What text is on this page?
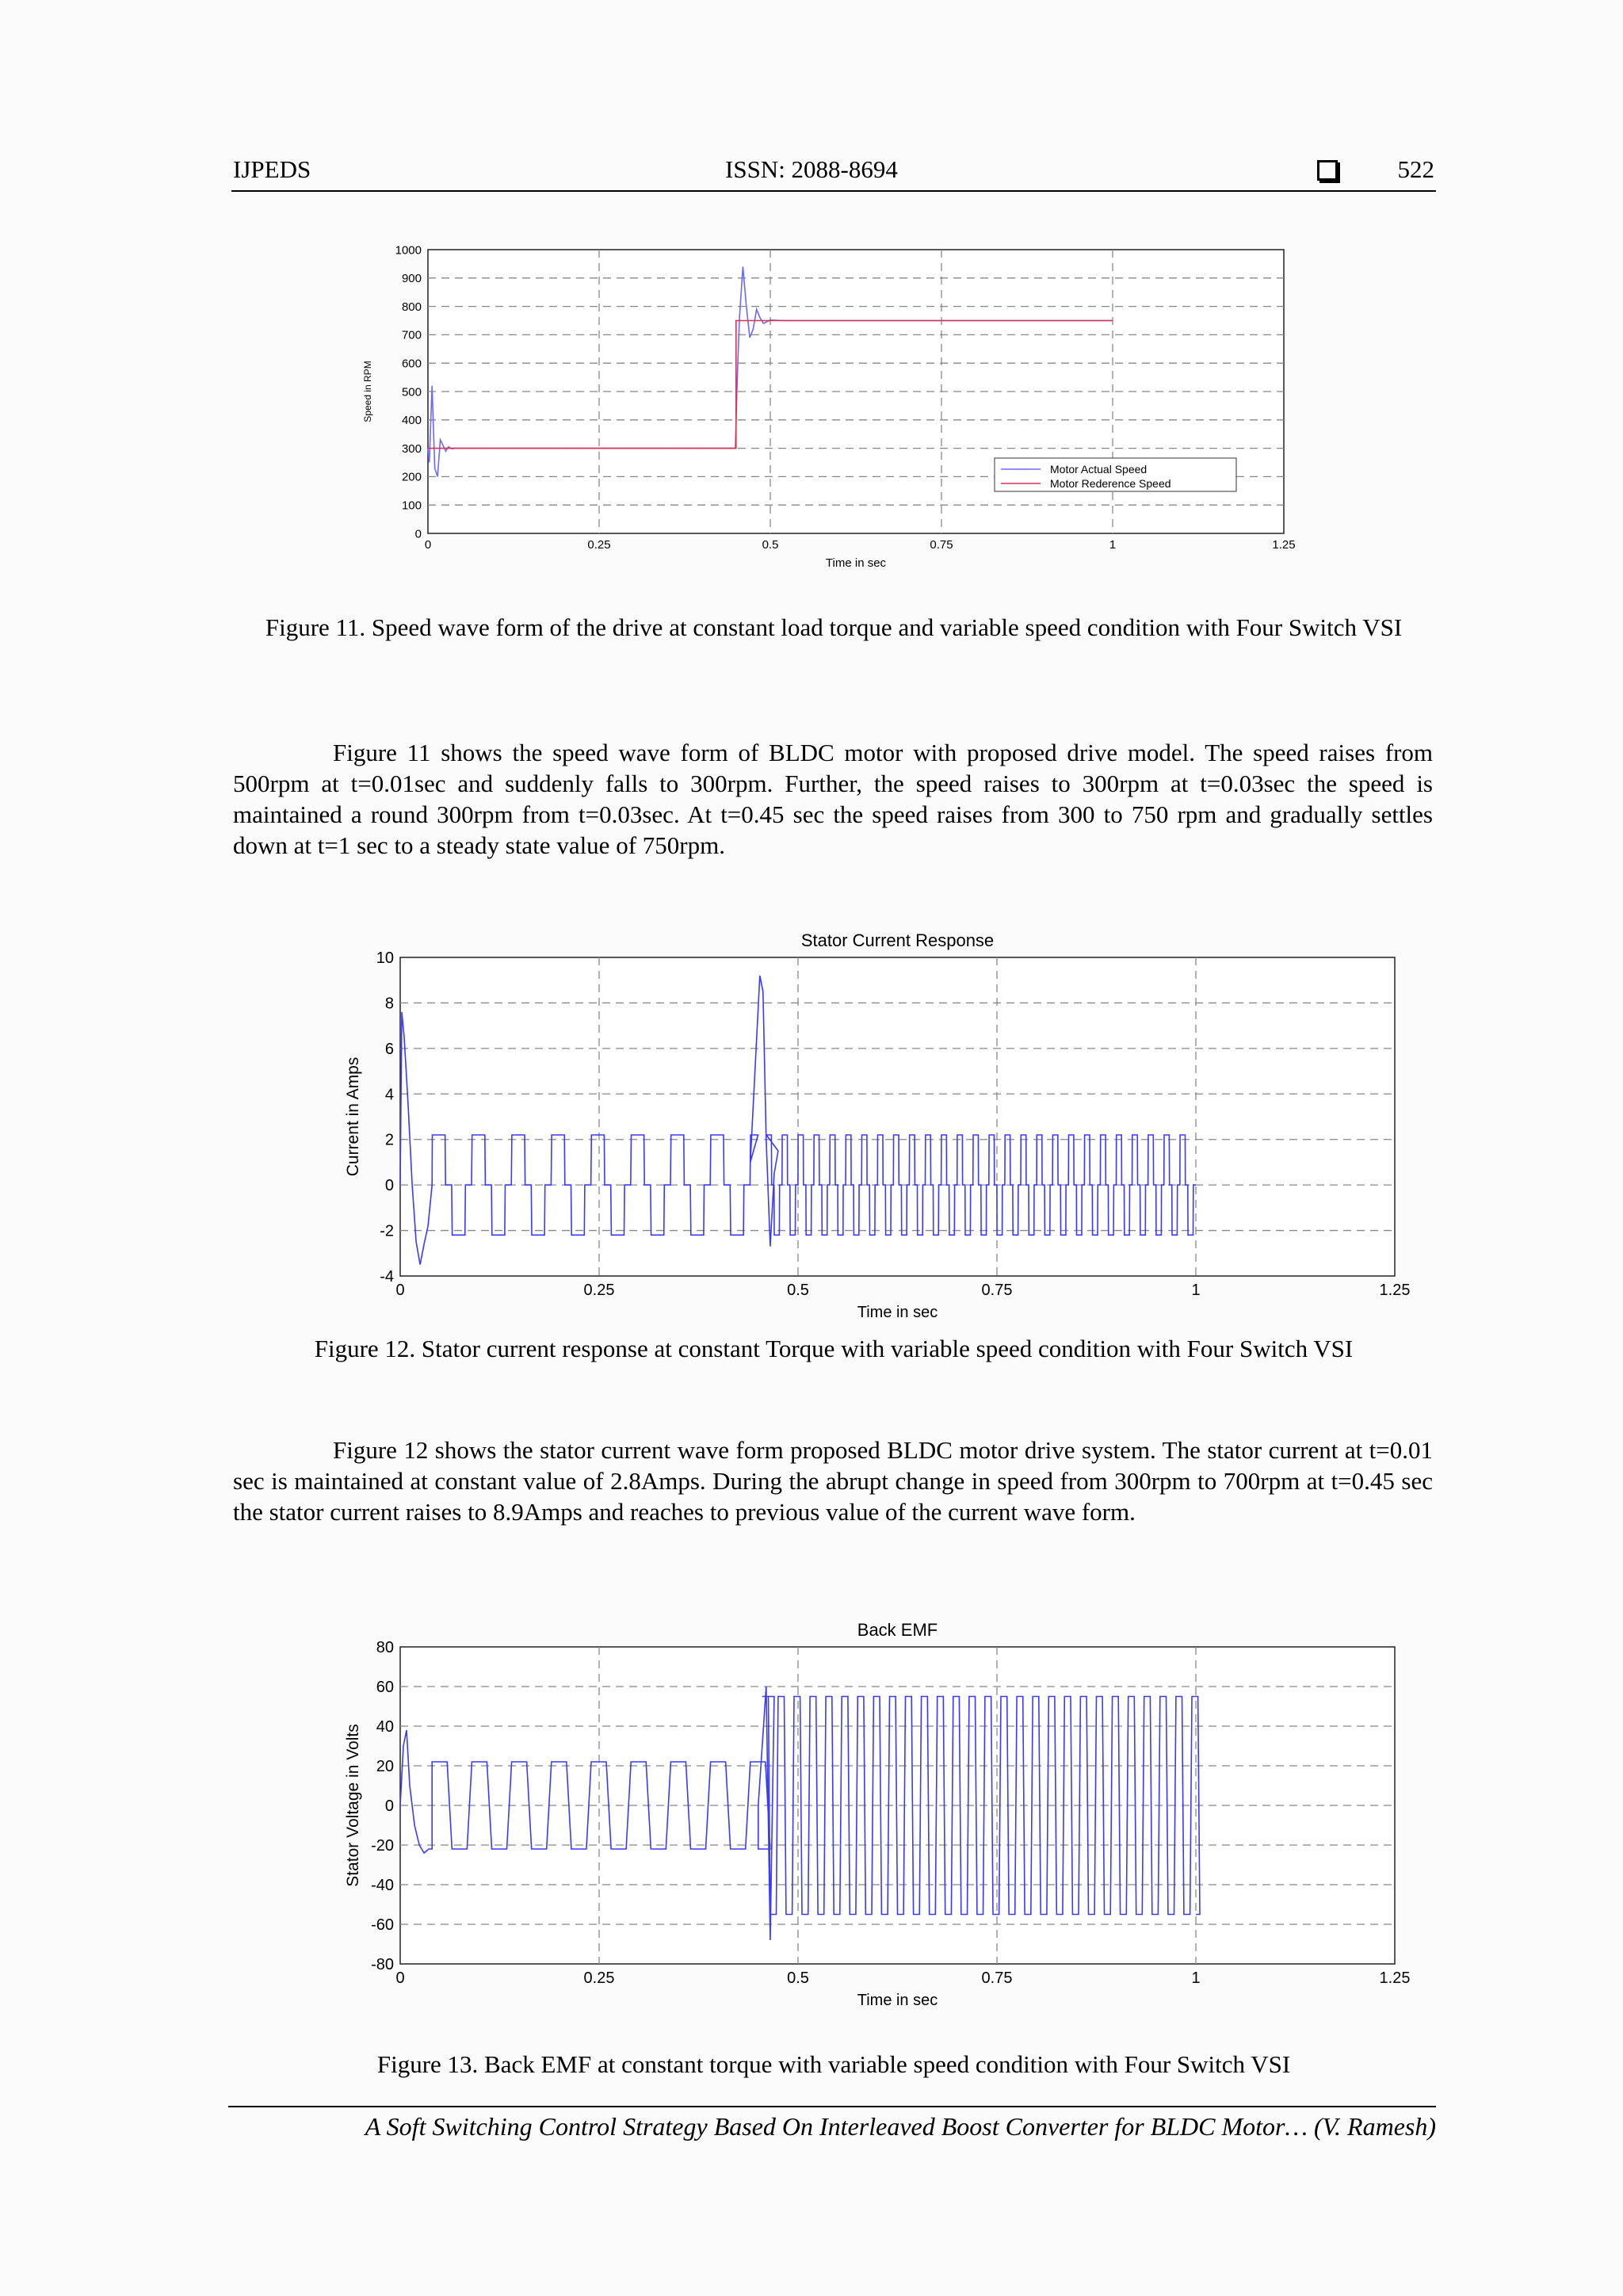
IJPEDS	ISSN: 2088-8694	522
0	0.25	0.5	0.75	1	1.25
0
100
200
300
400
500
600
700
800
900
1000
Time in sec
Speed in RPM
Motor Actual Speed
Motor Rederence Speed
Figure 11. Speed wave form of the drive at constant load torque and variable speed condition with Four Switch VSI
Figure 11 shows the speed wave form of BLDC motor with proposed drive model. The speed raises from 500rpm at t=0.01sec and suddenly falls to 300rpm. Further, the speed raises to 300rpm at t=0.03sec the speed is maintained a round 300rpm from t=0.03sec. At t=0.45 sec the speed raises from 300 to 750 rpm and gradually settles down at t=1 sec to a steady state value of 750rpm.
0	0.25	0.5	0.75	1	1.25
-4
-2
0
2
4
6
8
10
Stator Current Response
Time in sec
Current in Amps
Figure 12. Stator current response at constant Torque with variable speed condition with Four Switch VSI
Figure 12 shows the stator current wave form proposed BLDC motor drive system. The stator current at t=0.01 sec is maintained at constant value of 2.8Amps. During the abrupt change in speed from 300rpm to 700rpm at t=0.45 sec the stator current raises to 8.9Amps and reaches to previous value of the current wave form.
0	0.25	0.5	0.75	1	1.25
-80
-60
-40
-20
0
20
40
60
80
Back EMF
Time in sec
Stator Voltage in Volts
Figure 13. Back EMF at constant torque with variable speed condition with Four Switch VSI
A Soft Switching Control Strategy Based On Interleaved Boost Converter for BLDC Motor… (V. Ramesh)
